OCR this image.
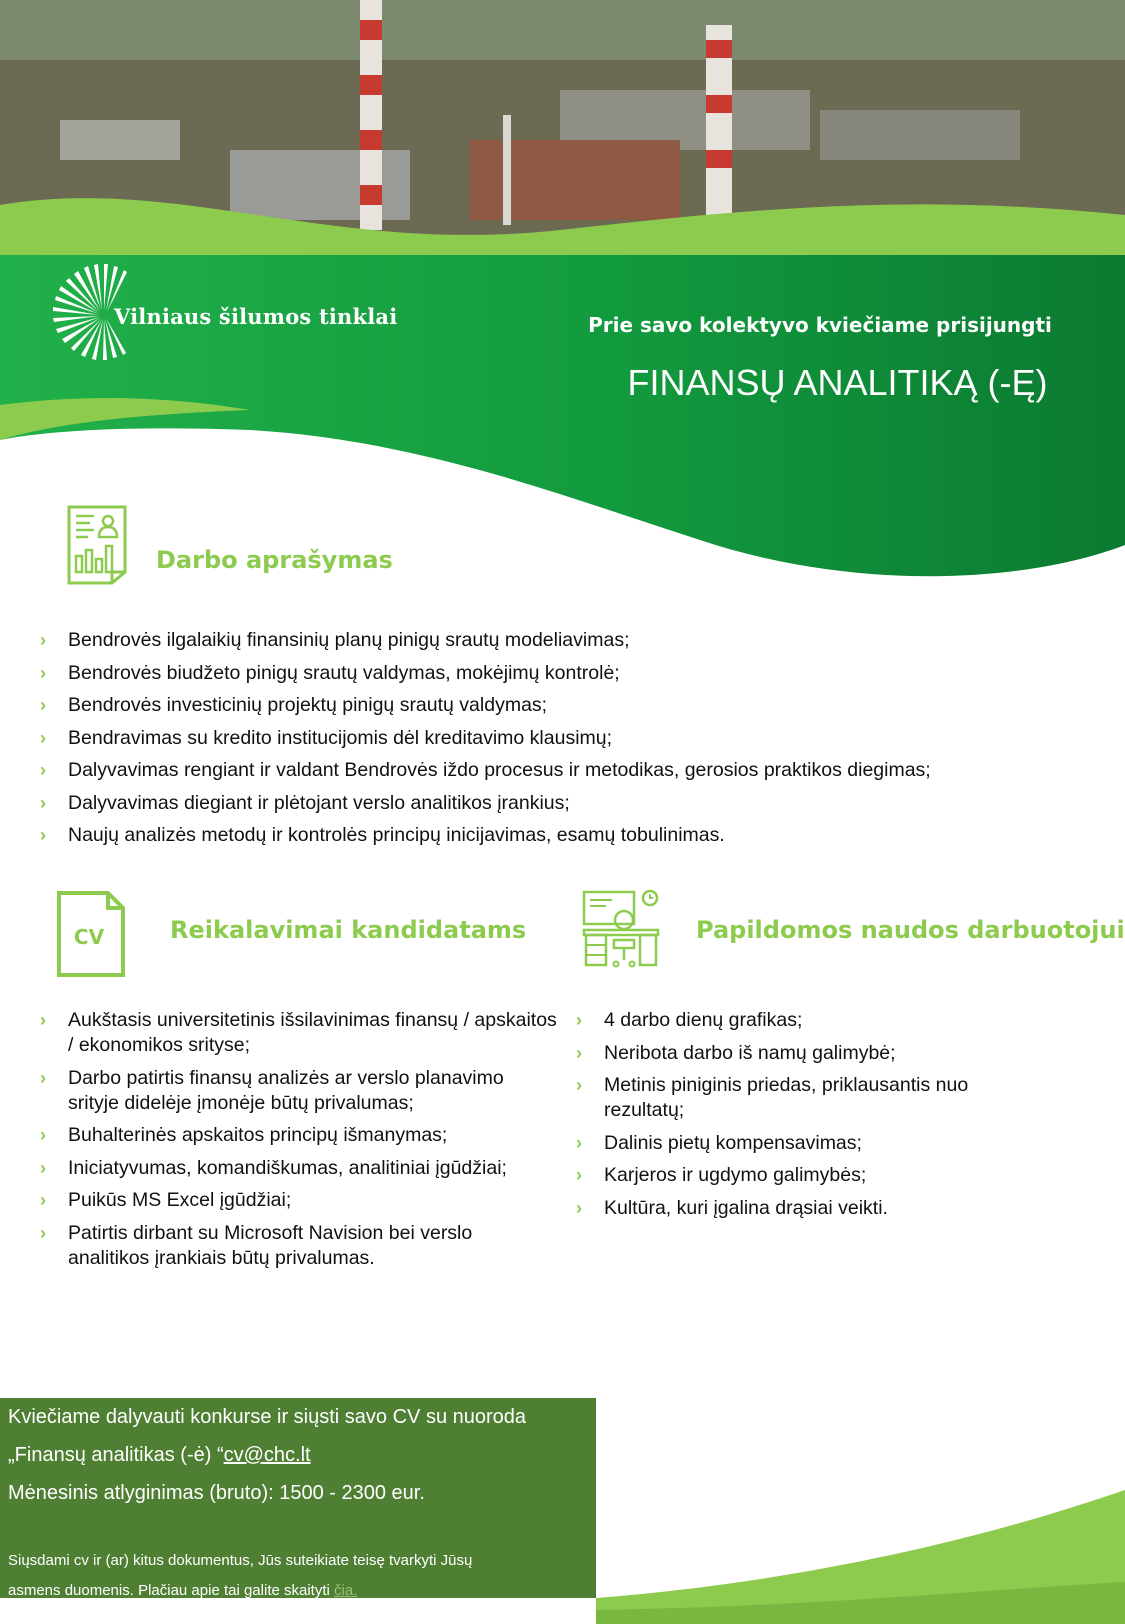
Vilniaus šilumos tinklai	Prie savo kolektyvo kviečiame prisijungti
FINANSŲ ANALITIKĄ (-Ę)
Darbo aprašymas
› Bendrovės ilgalaikių finansinių planų pinigų srautų modeliavimas;
› Bendrovės biudžeto pinigų srautų valdymas, mokėjimų kontrolė;
› Bendrovės investicinių projektų pinigų srautų valdymas;
› Bendravimas su kredito institucijomis dėl kreditavimo klausimų;
› Dalyvavimas rengiant ir valdant Bendrovės iždo procesus ir metodikas, gerosios praktikos diegimas;
› Dalyvavimas diegiant ir plėtojant verslo analitikos įrankius;
› Naujų analizės metodų ir kontrolės principų inicijavimas, esamų tobulinimas.
CV	Reikalavimai kandidatams
› Aukštasis universitetinis išsilavinimas finansų / apskaitos / ekonomikos srityse;
› Darbo patirtis finansų analizės ar verslo planavimo srityje didelėje įmonėje būtų privalumas;
› Buhalterinės apskaitos principų išmanymas;
› Iniciatyvumas, komandiškumas, analitiniai įgūdžiai;
› Puikūs MS Excel įgūdžiai;
› Patirtis dirbant su Microsoft Navision bei verslo analitikos įrankiais būtų privalumas.
Papildomos naudos darbuotojui
› 4 darbo dienų grafikas;
› Neribota darbo iš namų galimybė;
› Metinis piniginis priedas, priklausantis nuo rezultatų;
› Dalinis pietų kompensavimas;
› Karjeros ir ugdymo galimybės;
› Kultūra, kuri įgalina drąsiai veikti.
Kviečiame dalyvauti konkurse ir siųsti savo CV su nuoroda
„Finansų analitikas (-ė) “cv@chc.lt
Mėnesinis atlyginimas (bruto): 1500 - 2300 eur.
Siųsdami cv ir (ar) kitus dokumentus, Jūs suteikiate teisę tvarkyti Jūsų
asmens duomenis. Plačiau apie tai galite skaityti čia.
